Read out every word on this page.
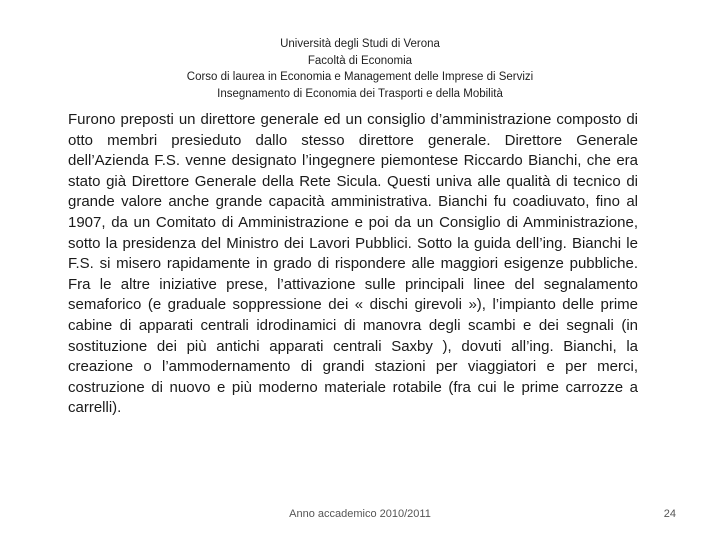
Università degli Studi di Verona
Facoltà di Economia
Corso di laurea in Economia e Management delle Imprese di Servizi
Insegnamento di Economia dei Trasporti e della Mobilità

Furono preposti un direttore generale ed un consiglio d’amministrazione composto di otto membri presieduto dallo stesso direttore generale. Direttore Generale dell’Azienda F.S. venne designato l’ingegnere piemontese Riccardo Bianchi, che era stato già Direttore Generale della Rete Sicula. Questi univa alle qualità di tecnico di grande valore anche grande capacità amministrativa. Bianchi fu coadiuvato, fino al 1907, da un Comitato di Amministrazione e poi da un Consiglio di Amministrazione, sotto la presidenza del Ministro dei Lavori Pubblici. Sotto la guida dell’ing. Bianchi le F.S. si misero rapidamente in grado di rispondere alle maggiori esigenze pubbliche. Fra le altre iniziative prese, l’attivazione sulle principali linee del segnalamento semaforico (e graduale soppressione dei « dischi girevoli »), l’impianto delle prime cabine di apparati centrali idrodinamici di manovra degli scambi e dei segnali (in sostituzione dei più antichi apparati centrali Saxby ), dovuti all’ing. Bianchi, la creazione o l’ammodernamento di grandi stazioni per viaggiatori e per merci, costruzione di nuovo e più moderno materiale rotabile (fra cui le prime carrozze a carrelli).

Anno accademico 2010/2011	24
